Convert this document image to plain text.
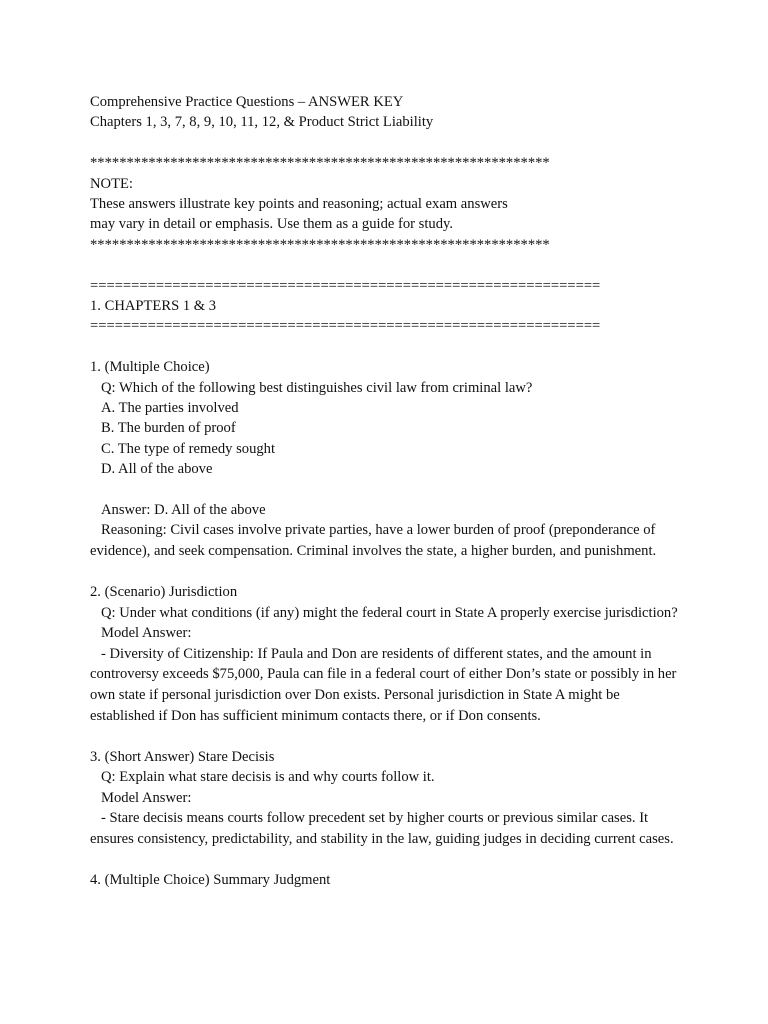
Comprehensive Practice Questions – ANSWER KEY

Chapters 1, 3, 7, 8, 9, 10, 11, 12, & Product Strict Liability

***************************************************************

NOTE:

These answers illustrate key points and reasoning; actual exam answers

may vary in detail or emphasis. Use them as a guide for study.

***************************************************************

==============================================================

1. CHAPTERS 1 & 3

==============================================================

1. (Multiple Choice)

Q: Which of the following best distinguishes civil law from criminal law?

A. The parties involved

B. The burden of proof

C. The type of remedy sought

D. All of the above

Answer: D. All of the above

Reasoning: Civil cases involve private parties, have a lower burden of proof (preponderance of evidence), and seek compensation. Criminal involves the state, a higher burden, and punishment.

2. (Scenario) Jurisdiction

Q: Under what conditions (if any) might the federal court in State A properly exercise jurisdiction?

Model Answer:

- Diversity of Citizenship: If Paula and Don are residents of different states, and the amount in controversy exceeds $75,000, Paula can file in a federal court of either Don’s state or possibly in her own state if personal jurisdiction over Don exists. Personal jurisdiction in State A might be established if Don has sufficient minimum contacts there, or if Don consents.

3. (Short Answer) Stare Decisis

Q: Explain what stare decisis is and why courts follow it.

Model Answer:

- Stare decisis means courts follow precedent set by higher courts or previous similar cases. It ensures consistency, predictability, and stability in the law, guiding judges in deciding current cases.

4. (Multiple Choice) Summary Judgment
